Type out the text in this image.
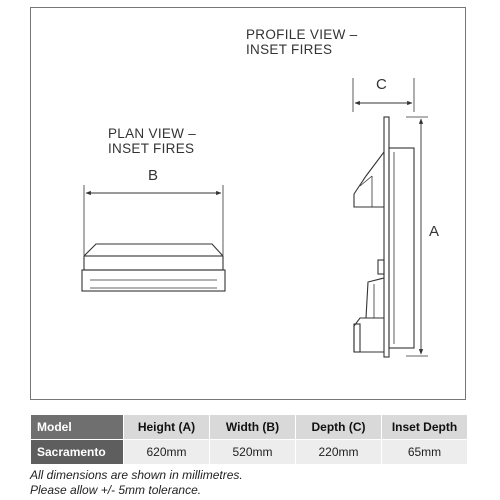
PROFILE VIEW –
INSET FIRES
PLAN VIEW –
INSET FIRES
B
C
A
Model	Height (A)	Width (B)	Depth (C)	Inset Depth
Sacramento	620mm	520mm	220mm	65mm
All dimensions are shown in millimetres.
Please allow +/- 5mm tolerance.
